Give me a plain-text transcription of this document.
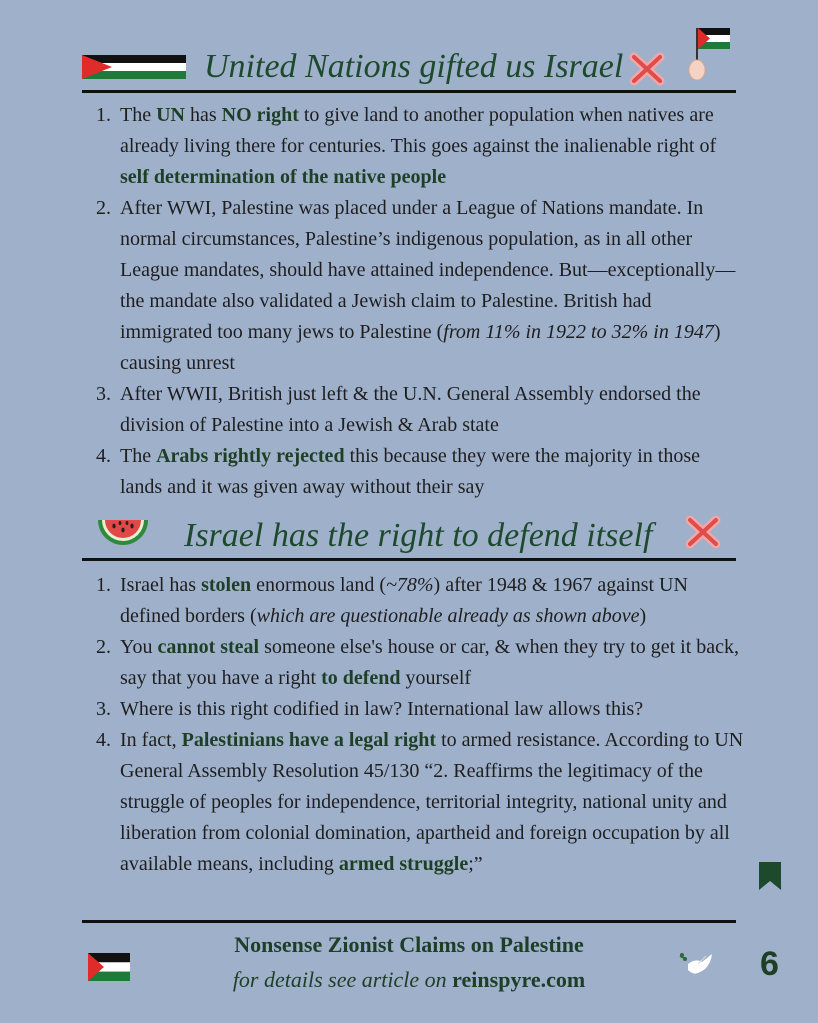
United Nations gifted us Israel
1. The UN has NO right to give land to another population when natives are already living there for centuries. This goes against the inalienable right of self determination of the native people
2. After WWI, Palestine was placed under a League of Nations mandate. In normal circumstances, Palestine’s indigenous population, as in all other League mandates, should have attained independence. But—exceptionally—the mandate also validated a Jewish claim to Palestine. British had immigrated too many jews to Palestine (from 11% in 1922 to 32% in 1947) causing unrest
3. After WWII, British just left & the U.N. General Assembly endorsed the division of Palestine into a Jewish & Arab state
4. The Arabs rightly rejected this because they were the majority in those lands and it was given away without their say
Israel has the right to defend itself
1. Israel has stolen enormous land (~78%) after 1948 & 1967 against UN defined borders (which are questionable already as shown above)
2. You cannot steal someone else's house or car, & when they try to get it back, say that you have a right to defend yourself
3. Where is this right codified in law? International law allows this?
4. In fact, Palestinians have a legal right to armed resistance. According to UN General Assembly Resolution 45/130 “2. Reaffirms the legitimacy of the struggle of peoples for independence, territorial integrity, national unity and liberation from colonial domination, apartheid and foreign occupation by all available means, including armed struggle;”
Nonsense Zionist Claims on Palestine
for details see article on reinspyre.com	6
